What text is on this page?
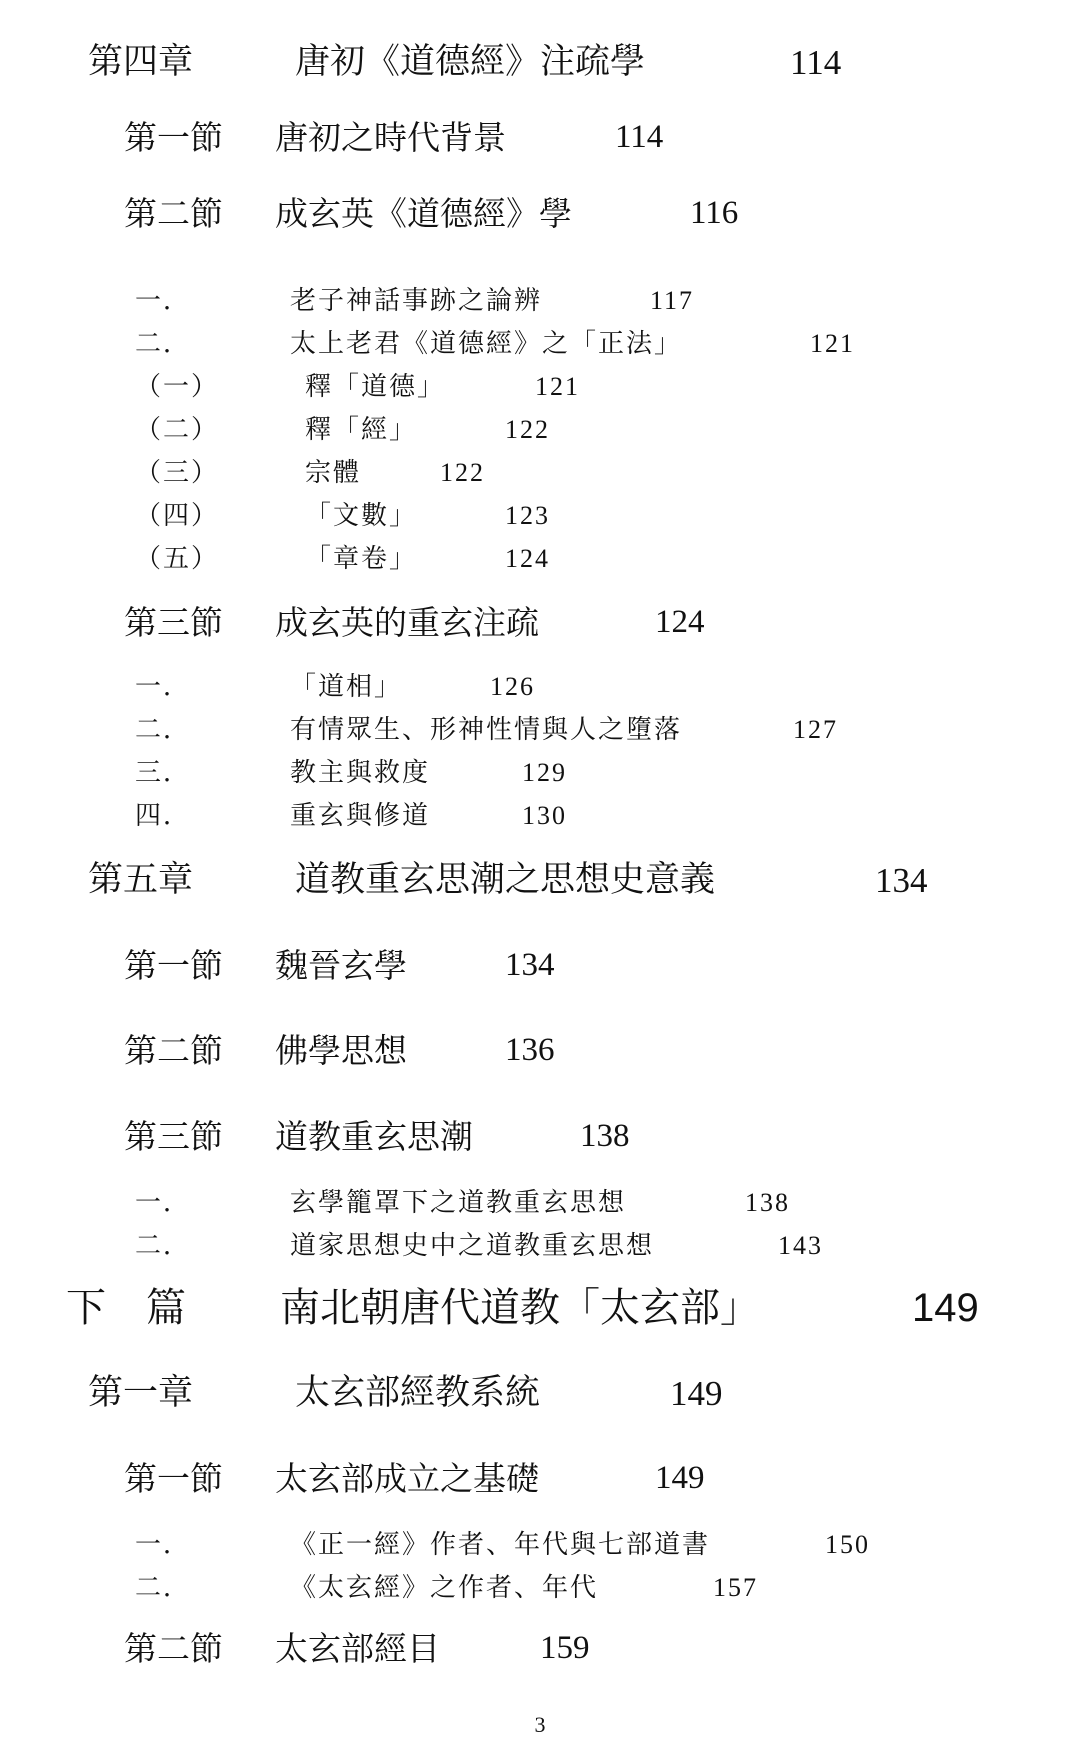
第四章	唐初《道德經》注疏學	114
第一節 唐初之時代背景	114
第二節 成玄英《道德經》學	116
一．	老子神話事跡之論辨	117
二．	太上老君《道德經》之「正法」	121
（一）	釋「道德」	121
（二）	釋「經」	122
（三）	宗體	122
（四）	「文數」	123
（五）	「章卷」	124
第三節 成玄英的重玄注疏	124
一．	「道相」	126
二．	有情眾生、形神性情與人之墮落	127
三．	教主與救度	129
四．	重玄與修道	130
第五章	道教重玄思潮之思想史意義	134
第一節 魏晉玄學	134
第二節 佛學思想	136
第三節 道教重玄思潮	138
一．	玄學籠罩下之道教重玄思想	138
二．	道家思想史中之道教重玄思想	143
下　篇 南北朝唐代道教「太玄部」	149
第一章	太玄部經教系統	149
第一節 太玄部成立之基礎	149
一．	《正一經》作者、年代與七部道書	150
二．	《太玄經》之作者、年代	157
第二節 太玄部經目	159
3
